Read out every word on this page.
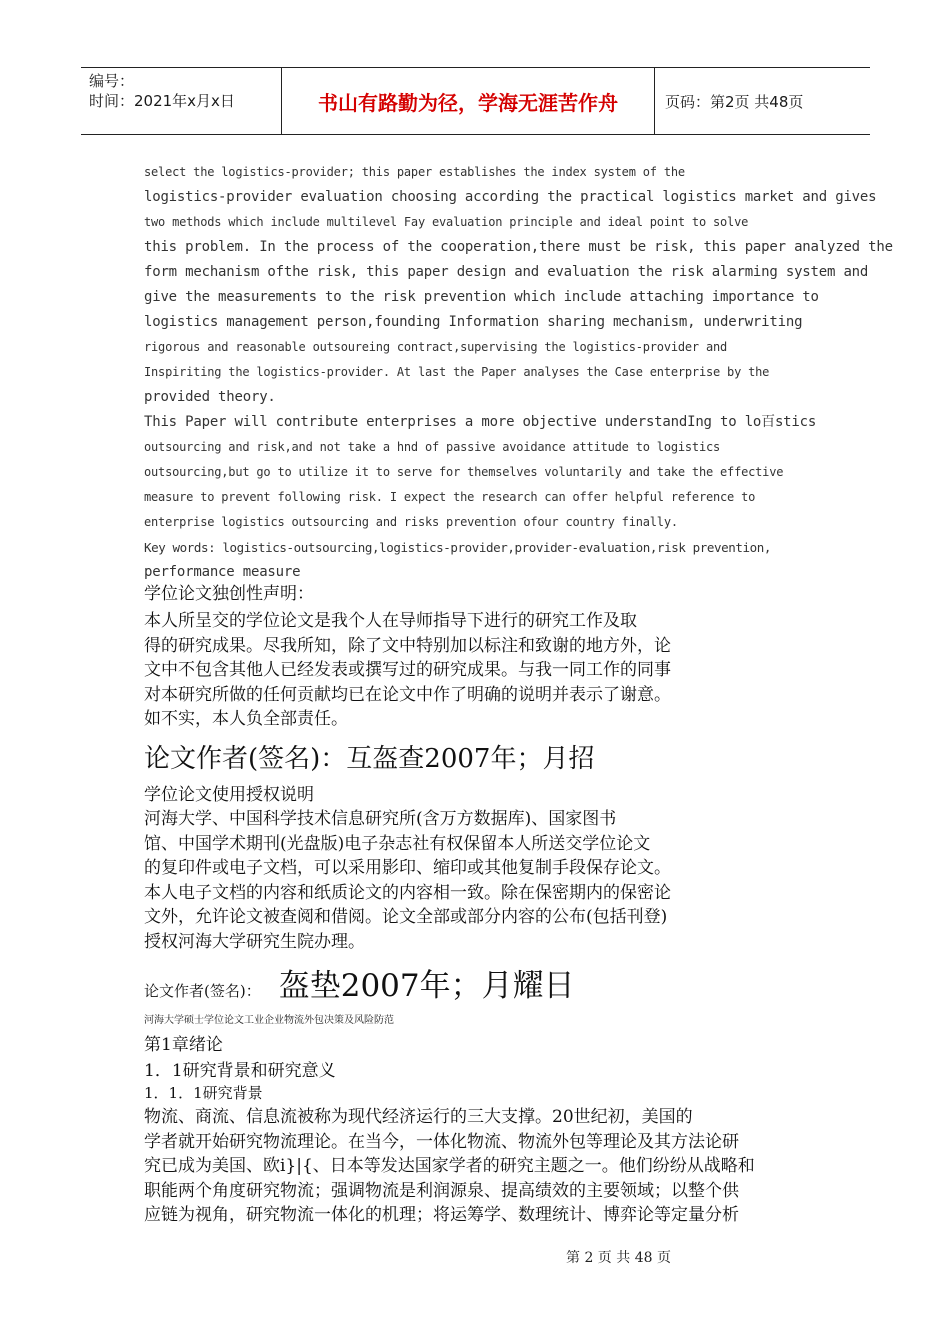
编号：
时间：2021年x月x日	书山有路勤为径，学海无涯苦作舟	页码：第2页 共48页
select the logistics-provider; this paper establishes the index system of the
logistics-provider evaluation choosing according the practical logistics market and gives
two methods which include multilevel Fay evaluation principle and ideal point to solve
this problem. In the process of the cooperation,there must be risk, this paper analyzed the
form mechanism ofthe risk, this paper design and evaluation the risk alarming system and
give the measurements to the risk prevention which include attaching importance to
logistics management person,founding Information sharing mechanism, underwriting
rigorous and reasonable outsoureing contract,supervising the logistics-provider and
Inspiriting the logistics-provider. At last the Paper analyses the Case enterprise by the
provided theory.
This Paper will contribute enterprises a more objective understandIng to lo百stics
outsourcing and risk,and not take a hnd of passive avoidance attitude to logistics
outsourcing,but go to utilize it to serve for themselves voluntarily and take the effective
measure to prevent following risk. I expect the research can offer helpful reference to
enterprise logistics outsourcing and risks prevention ofour country finally.
Key words: logistics-outsourcing,logistics-provider,provider-evaluation,risk prevention,
performance measure
学位论文独创性声明：
本人所呈交的学位论文是我个人在导师指导下进行的研究工作及取
得的研究成果。尽我所知，除了文中特别加以标注和致谢的地方外，论
文中不包含其他人已经发表或撰写过的研究成果。与我一同工作的同事
对本研究所做的任何贡献均已在论文中作了明确的说明并表示了谢意。
如不实，本人负全部责任。
论文作者(签名)：互盔查2007年；月招
学位论文使用授权说明
河海大学、中国科学技术信息研究所(含万方数据库)、国家图书
馆、中国学术期刊(光盘版)电子杂志社有权保留本人所送交学位论文
的复印件或电子文档，可以采用影印、缩印或其他复制手段保存论文。
本人电子文档的内容和纸质论文的内容相一致。除在保密期内的保密论
文外，允许论文被查阅和借阅。论文全部或部分内容的公布(包括刊登)
授权河海大学研究生院办理。
论文作者(签名)： 盔垫2007年；月耀日
河海大学硕士学位论文工业企业物流外包决策及风险防范
第1章绪论
1．1研究背景和研究意义
1．1．1研究背景
物流、商流、信息流被称为现代经济运行的三大支撑。20世纪初，美国的
学者就开始研究物流理论。在当今，一体化物流、物流外包等理论及其方法论研
究已成为美国、欧i}|{、日本等发达国家学者的研究主题之一。他们纷纷从战略和
职能两个角度研究物流；强调物流是利润源泉、提高绩效的主要领域；以整个供
应链为视角，研究物流一体化的机理；将运筹学、数理统计、博弈论等定量分析
第 2 页 共 48 页
